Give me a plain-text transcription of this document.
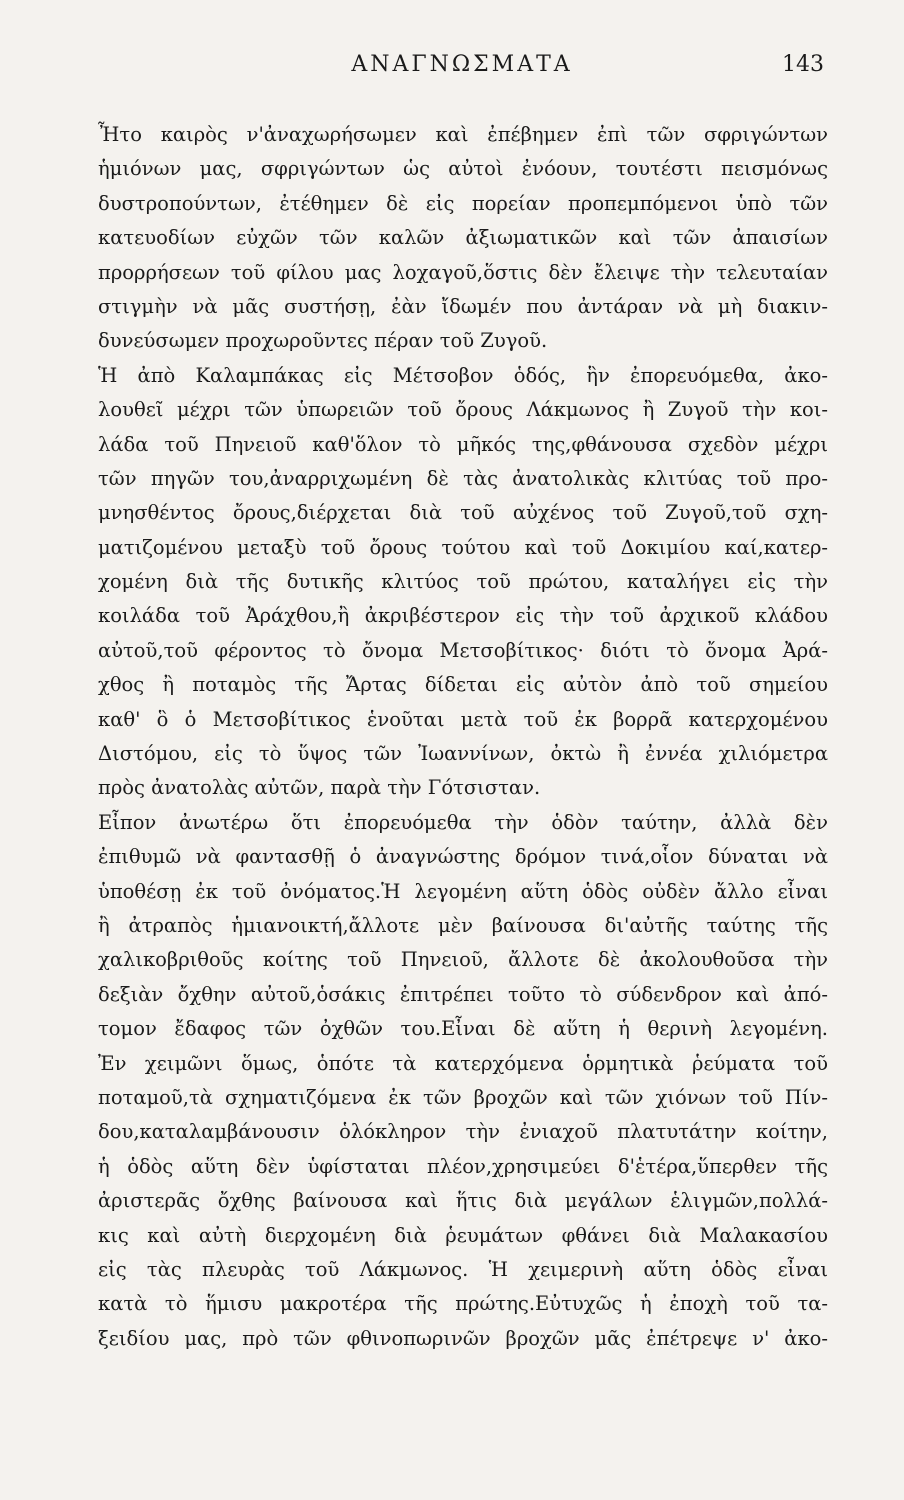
ΑΝΑΓΝΩΣΜΑΤΑ	143
Ἦτο καιρὸς ν'ἀναχωρήσωμεν καὶ ἐπέβημεν ἐπὶ τῶν σφριγώντων
ἡμιόνων μας, σφριγώντων ὡς αὐτοὶ ἐνόουν, τουτέστι πεισμόνως
δυστροπούντων, ἐτέθημεν δὲ εἰς πορείαν προπεμπόμενοι ὑπὸ τῶν
κατευοδίων εὐχῶν τῶν καλῶν ἀξιωματικῶν καὶ τῶν ἀπαισίων
προρρήσεων τοῦ φίλου μας λοχαγοῦ,ὅστις δὲν ἔλειψε τὴν τελευταίαν
στιγμὴν νὰ μᾶς συστήσῃ, ἐὰν ἴδωμέν που ἀντάραν νὰ μὴ διακιν-
δυνεύσωμεν προχωροῦντες πέραν τοῦ Ζυγοῦ.
Ἡ ἀπὸ Καλαμπάκας εἰς Μέτσοβον ὁδός, ἣν ἐπορευόμεθα, ἀκο-
λουθεῖ μέχρι τῶν ὑπωρειῶν τοῦ ὄρους Λάκμωνος ἢ Ζυγοῦ τὴν κοι-
λάδα τοῦ Πηνειοῦ καθ'ὅλον τὸ μῆκός της,φθάνουσα σχεδὸν μέχρι
τῶν πηγῶν του,ἀναρριχωμένη δὲ τὰς ἀνατολικὰς κλιτύας τοῦ προ-
μνησθέντος ὄρους,διέρχεται διὰ τοῦ αὐχένος τοῦ Ζυγοῦ,τοῦ σχη-
ματιζομένου μεταξὺ τοῦ ὄρους τούτου καὶ τοῦ Δοκιμίου καί,κατερ-
χομένη διὰ τῆς δυτικῆς κλιτύος τοῦ πρώτου, καταλήγει εἰς τὴν
κοιλάδα τοῦ Ἀράχθου,ἢ ἀκριβέστερον εἰς τὴν τοῦ ἀρχικοῦ κλάδου
αὐτοῦ,τοῦ φέροντος τὸ ὄνομα Μετσοβίτικος· διότι τὸ ὄνομα Ἀρά-
χθος ἢ ποταμὸς τῆς Ἄρτας δίδεται εἰς αὐτὸν ἀπὸ τοῦ σημείου
καθ' ὃ ὁ Μετσοβίτικος ἑνοῦται μετὰ τοῦ ἐκ βορρᾶ κατερχομένου
Διστόμου, εἰς τὸ ὕψος τῶν Ἰωαννίνων, ὀκτὼ ἢ ἐννέα χιλιόμετρα
πρὸς ἀνατολὰς αὐτῶν, παρὰ τὴν Γότσισταν.
Εἶπον ἀνωτέρω ὅτι ἐπορευόμεθα τὴν ὁδὸν ταύτην, ἀλλὰ δὲν
ἐπιθυμῶ νὰ φαντασθῇ ὁ ἀναγνώστης δρόμον τινά,οἷον δύναται νὰ
ὑποθέσῃ ἐκ τοῦ ὀνόματος.Ἡ λεγομένη αὕτη ὁδὸς οὐδὲν ἄλλο εἶναι
ἢ ἀτραπὸς ἡμιανοικτή,ἄλλοτε μὲν βαίνουσα δι'αὐτῆς ταύτης τῆς
χαλικοβριθοῦς κοίτης τοῦ Πηνειοῦ, ἄλλοτε δὲ ἀκολουθοῦσα τὴν
δεξιὰν ὄχθην αὐτοῦ,ὁσάκις ἐπιτρέπει τοῦτο τὸ σύδενδρον καὶ ἀπό-
τομον ἔδαφος τῶν ὀχθῶν του.Εἶναι δὲ αὕτη ἡ θερινὴ λεγομένη.
Ἐν χειμῶνι ὅμως, ὁπότε τὰ κατερχόμενα ὁρμητικὰ ῥεύματα τοῦ
ποταμοῦ,τὰ σχηματιζόμενα ἐκ τῶν βροχῶν καὶ τῶν χιόνων τοῦ Πίν-
δου,καταλαμβάνουσιν ὁλόκληρον τὴν ἐνιαχοῦ πλατυτάτην κοίτην,
ἡ ὁδὸς αὕτη δὲν ὑφίσταται πλέον,χρησιμεύει δ'ἑτέρα,ὕπερθεν τῆς
ἀριστερᾶς ὄχθης βαίνουσα καὶ ἥτις διὰ μεγάλων ἑλιγμῶν,πολλά-
κις καὶ αὐτὴ διερχομένη διὰ ῥευμάτων φθάνει διὰ Μαλακασίου
εἰς τὰς πλευρὰς τοῦ Λάκμωνος. Ἡ χειμερινὴ αὕτη ὁδὸς εἶναι
κατὰ τὸ ἥμισυ μακροτέρα τῆς πρώτης.Εὐτυχῶς ἡ ἐποχὴ τοῦ τα-
ξειδίου μας, πρὸ τῶν φθινοπωρινῶν βροχῶν μᾶς ἐπέτρεψε ν' ἀκο-
